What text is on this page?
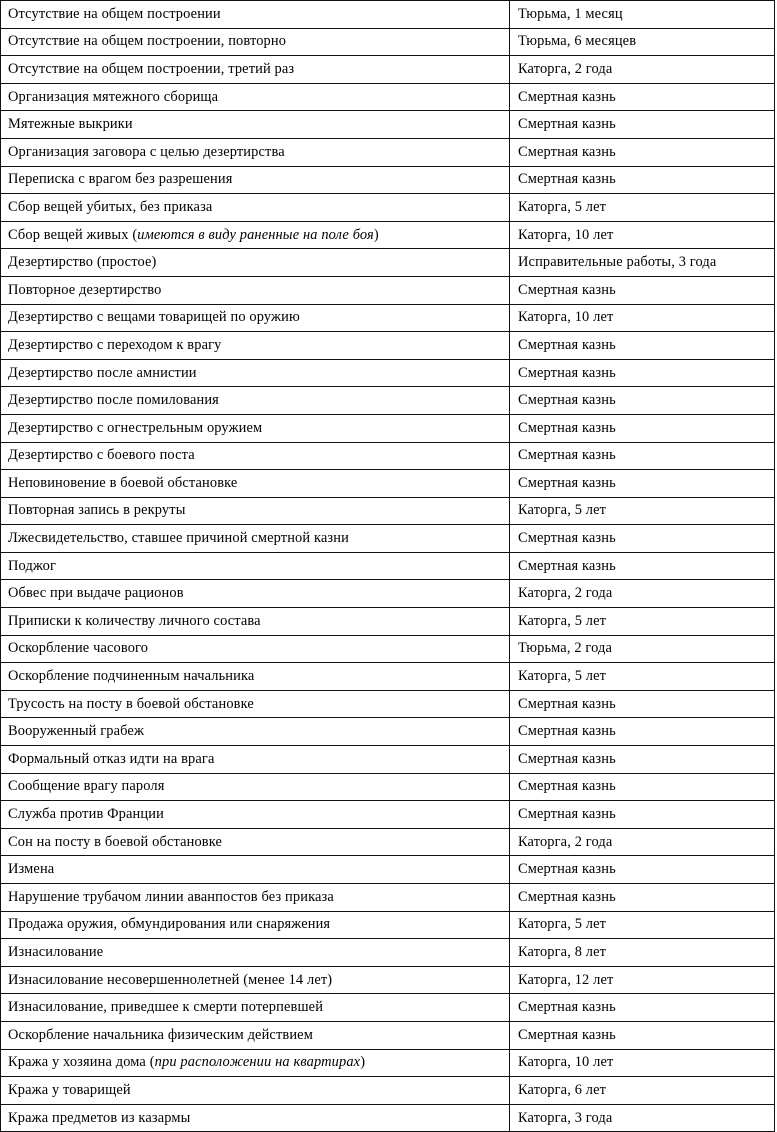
Отсутствие на общем построении	Тюрьма, 1 месяц
Отсутствие на общем построении, повторно	Тюрьма, 6 месяцев
Отсутствие на общем построении, третий раз	Каторга, 2 года
Организация мятежного сборища	Смертная казнь
Мятежные выкрики	Смертная казнь
Организация заговора с целью дезертирства	Смертная казнь
Переписка с врагом без разрешения	Смертная казнь
Сбор вещей убитых, без приказа	Каторга, 5 лет
Сбор вещей живых (имеются в виду раненные на поле боя)	Каторга, 10 лет
Дезертирство (простое)	Исправительные работы, 3 года
Повторное дезертирство	Смертная казнь
Дезертирство с вещами товарищей по оружию	Каторга, 10 лет
Дезертирство с переходом к врагу	Смертная казнь
Дезертирство после амнистии	Смертная казнь
Дезертирство после помилования	Смертная казнь
Дезертирство с огнестрельным оружием	Смертная казнь
Дезертирство с боевого поста	Смертная казнь
Неповиновение в боевой обстановке	Смертная казнь
Повторная запись в рекруты	Каторга, 5 лет
Лжесвидетельство, ставшее причиной смертной казни	Смертная казнь
Поджог	Смертная казнь
Обвес при выдаче рационов	Каторга, 2 года
Приписки к количеству личного состава	Каторга, 5 лет
Оскорбление часового	Тюрьма, 2 года
Оскорбление подчиненным начальника	Каторга, 5 лет
Трусость на посту в боевой обстановке	Смертная казнь
Вооруженный грабеж	Смертная казнь
Формальный отказ идти на врага	Смертная казнь
Сообщение врагу пароля	Смертная казнь
Служба против Франции	Смертная казнь
Сон на посту в боевой обстановке	Каторга, 2 года
Измена	Смертная казнь
Нарушение трубачом линии аванпостов без приказа	Смертная казнь
Продажа оружия, обмундирования или снаряжения	Каторга, 5 лет
Изнасилование	Каторга, 8 лет
Изнасилование несовершеннолетней (менее 14 лет)	Каторга, 12 лет
Изнасилование, приведшее к смерти потерпевшей	Смертная казнь
Оскорбление начальника физическим действием	Смертная казнь
Кража у хозяина дома (при расположении на квартирах)	Каторга, 10 лет
Кража у товарищей	Каторга, 6 лет
Кража предметов из казармы	Каторга, 3 года
